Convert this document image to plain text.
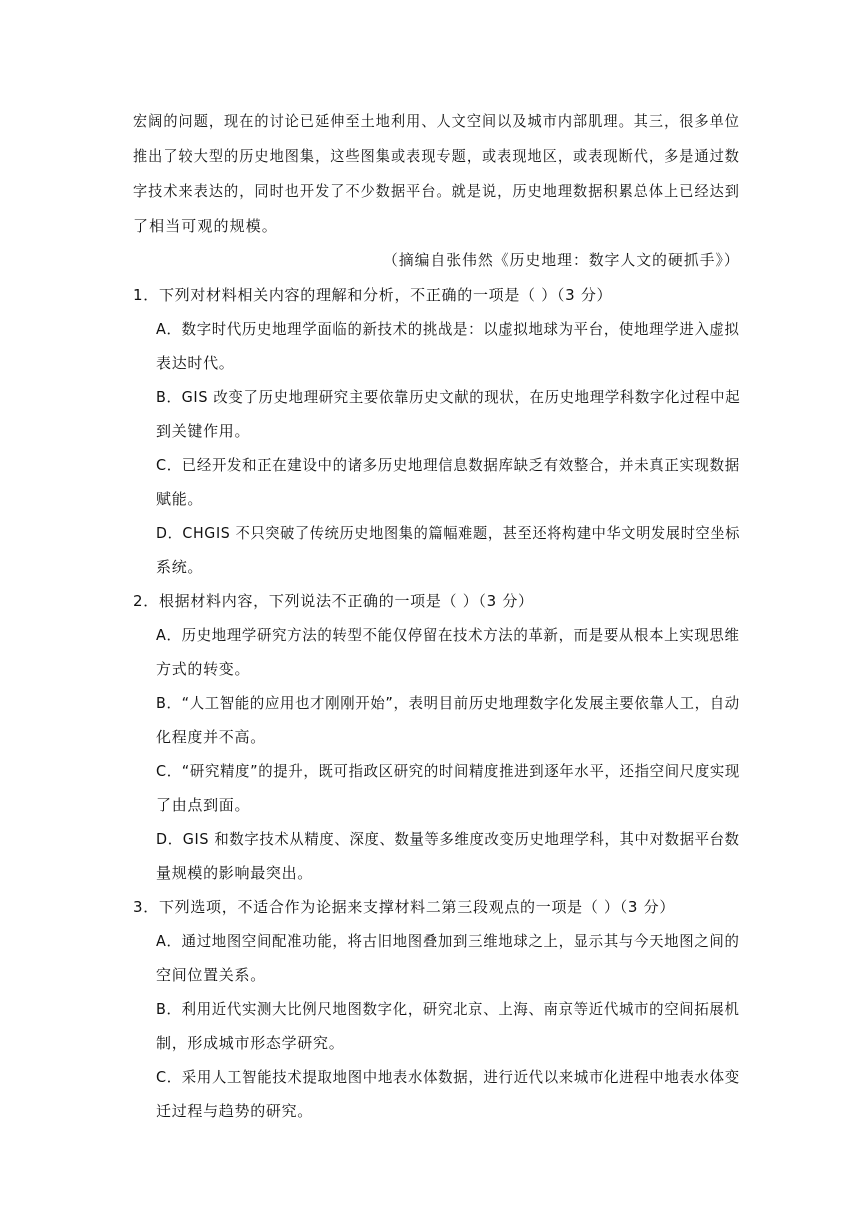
宏阔的问题，现在的讨论已延伸至土地利用、人文空间以及城市内部肌理。其三，很多单位
推出了较大型的历史地图集，这些图集或表现专题，或表现地区，或表现断代，多是通过数
字技术来表达的，同时也开发了不少数据平台。就是说，历史地理数据积累总体上已经达到
了相当可观的规模。
（摘编自张伟然《历史地理：数字人文的硬抓手》）
1．下列对材料相关内容的理解和分析，不正确的一项是（ ）（3 分）
A．数字时代历史地理学面临的新技术的挑战是：以虚拟地球为平台，使地理学进入虚拟
表达时代。
B．GIS 改变了历史地理研究主要依靠历史文献的现状，在历史地理学科数字化过程中起
到关键作用。
C．已经开发和正在建设中的诸多历史地理信息数据库缺乏有效整合，并未真正实现数据
赋能。
D．CHGIS 不只突破了传统历史地图集的篇幅难题，甚至还将构建中华文明发展时空坐标
系统。
2．根据材料内容，下列说法不正确的一项是（ ）（3 分）
A．历史地理学研究方法的转型不能仅停留在技术方法的革新，而是要从根本上实现思维
方式的转变。
B．“人工智能的应用也才刚刚开始”，表明目前历史地理数字化发展主要依靠人工，自动
化程度并不高。
C．“研究精度”的提升，既可指政区研究的时间精度推进到逐年水平，还指空间尺度实现
了由点到面。
D．GIS 和数字技术从精度、深度、数量等多维度改变历史地理学科，其中对数据平台数
量规模的影响最突出。
3．下列选项，不适合作为论据来支撑材料二第三段观点的一项是（ ）（3 分）
A．通过地图空间配准功能，将古旧地图叠加到三维地球之上，显示其与今天地图之间的
空间位置关系。
B．利用近代实测大比例尺地图数字化，研究北京、上海、南京等近代城市的空间拓展机
制，形成城市形态学研究。
C．采用人工智能技术提取地图中地表水体数据，进行近代以来城市化进程中地表水体变
迁过程与趋势的研究。
